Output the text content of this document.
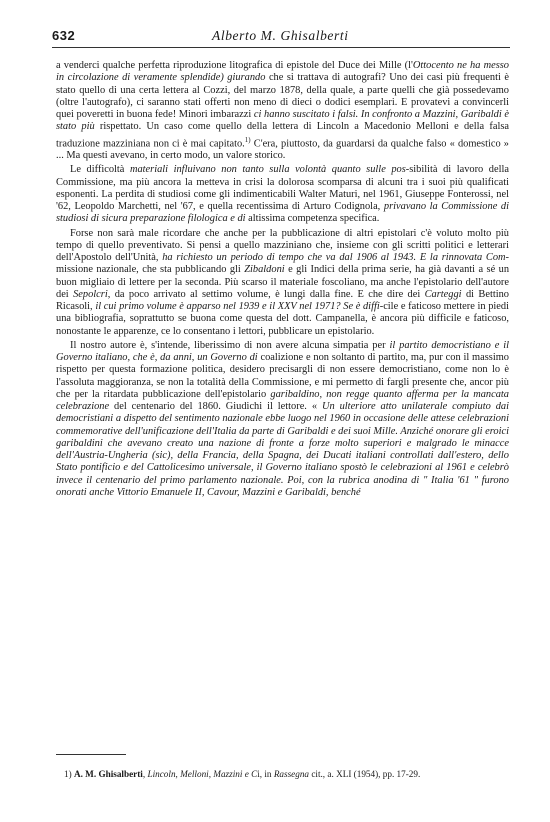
632	Alberto M. Ghisalberti

a venderci qualche perfetta riproduzione litografica di epistole del Duce dei Mille (l'Ottocento ne ha messo in circolazione di veramente splendide) giurando che si trattava di autografi? Uno dei casi più frequenti è stato quello di una certa lettera al Cozzi, del marzo 1878, della quale, a parte quelli che già possedevamo (oltre l'autografo), ci saranno stati offerti non meno di dieci o dodici esemplari. E provatevi a convincerli quei poveretti in buona fede! Minori imbarazzi ci hanno suscitato i falsi. In confronto a Mazzini, Garibaldi è stato più rispettato. Un caso come quello della lettera di Lincoln a Macedonio Melloni e della falsa traduzione mazziniana non ci è mai capitato.$^{1)}$ C'era, piuttosto, da guardarsi da qualche falso « domestico » ... Ma questi avevano, in certo modo, un valore storico.

Le difficoltà materiali influivano non tanto sulla volontà quanto sulle pos-sibilità di lavoro della Commissione, ma più ancora la metteva in crisi la dolorosa scomparsa di alcuni tra i suoi più qualificati esponenti. La perdita di studiosi come gli indimenticabili Walter Maturi, nel 1961, Giuseppe Fonterossi, nel '62, Leopoldo Marchetti, nel '67, e quella recentissima di Arturo Codignola, privavano la Commissione di studiosi di sicura preparazione filologica e di altissima competenza specifica.

Forse non sarà male ricordare che anche per la pubblicazione di altri epistolari c'è voluto molto più tempo di quello preventivato. Si pensi a quello mazziniano che, insieme con gli scritti politici e letterari dell'Apostolo dell'Unità, ha richiesto un periodo di tempo che va dal 1906 al 1943. E la rinnovata Com-missione nazionale, che sta pubblicando gli Zibaldoni e gli Indici della prima serie, ha già davanti a sé un buon migliaio di lettere per la seconda. Più scarso il materiale foscoliano, ma anche l'epistolario dell'autore dei Sepolcri, da poco arrivato al settimo volume, è lungi dalla fine. E che dire dei Carteggi di Bettino Ricasoli, il cui primo volume è apparso nel 1939 e il XXV nel 1971? Se è diffi-cile e faticoso mettere in piedi una bibliografia, soprattutto se buona come questa del dott. Campanella, è ancora più difficile e faticoso, nonostante le apparenze, ce lo consentano i lettori, pubblicare un epistolario.

Il nostro autore è, s'intende, liberissimo di non avere alcuna simpatia per il partito democristiano e il Governo italiano, che è, da anni, un Governo di coalizione e non soltanto di partito, ma, pur con il massimo rispetto per questa formazione politica, desidero precisargli di non essere democristiano, come non lo è l'assoluta maggioranza, se non la totalità della Commissione, e mi permetto di fargli presente che, ancor più che per la ritardata pubblicazione dell'epistolario garibaldino, non regge quanto afferma per la mancata celebrazione del centenario del 1860. Giudichi il lettore. « Un ulteriore atto unilaterale compiuto dai democristiani a dispetto del sentimento nazionale ebbe luogo nel 1960 in occasione delle attese celebrazioni commemorative dell'unificazione dell'Italia da parte di Garibaldi e dei suoi Mille. Anziché onorare gli eroici garibaldini che avevano creato una nazione di fronte a forze molto superiori e malgrado le minacce dell'Austria-Ungheria (sic), della Francia, della Spagna, dei Ducati italiani controllati dall'estero, dello Stato pontificio e del Cattolicesimo universale, il Governo italiano spostò le celebrazioni al 1961 e celebrò invece il centenario del primo parlamento nazionale. Poi, con la rubrica anodina di " Italia '61 " furono onorati anche Vittorio Emanuele II, Cavour, Mazzini e Garibaldi, benché

1) A. M. Ghisalberti, Lincoln, Melloni, Mazzini e Ci, in Rassegna cit., a. XLI (1954), pp. 17-29.
